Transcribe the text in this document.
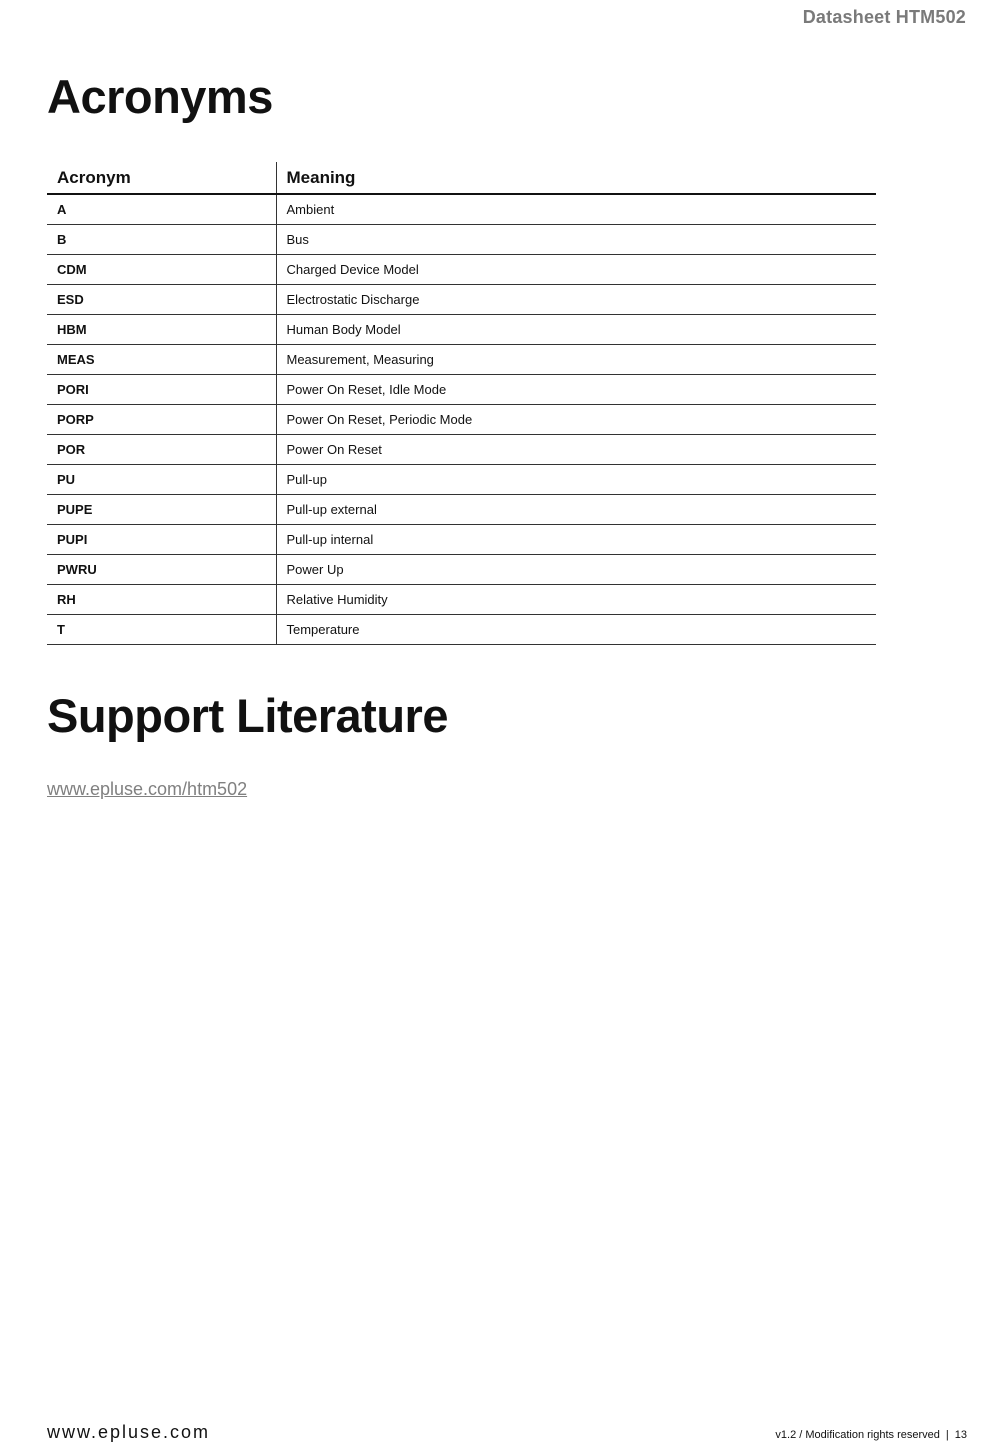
Datasheet HTM502
Acronyms
Acronym	Meaning
A	Ambient
B	Bus
CDM	Charged Device Model
ESD	Electrostatic Discharge
HBM	Human Body Model
MEAS	Measurement, Measuring
PORI	Power On Reset, Idle Mode
PORP	Power On Reset, Periodic Mode
POR	Power On Reset
PU	Pull-up
PUPE	Pull-up external
PUPI	Pull-up internal
PWRU	Power Up
RH	Relative Humidity
T	Temperature
Support Literature
www.epluse.com/htm502
www.epluse.com	v1.2 / Modification rights reserved | 13
